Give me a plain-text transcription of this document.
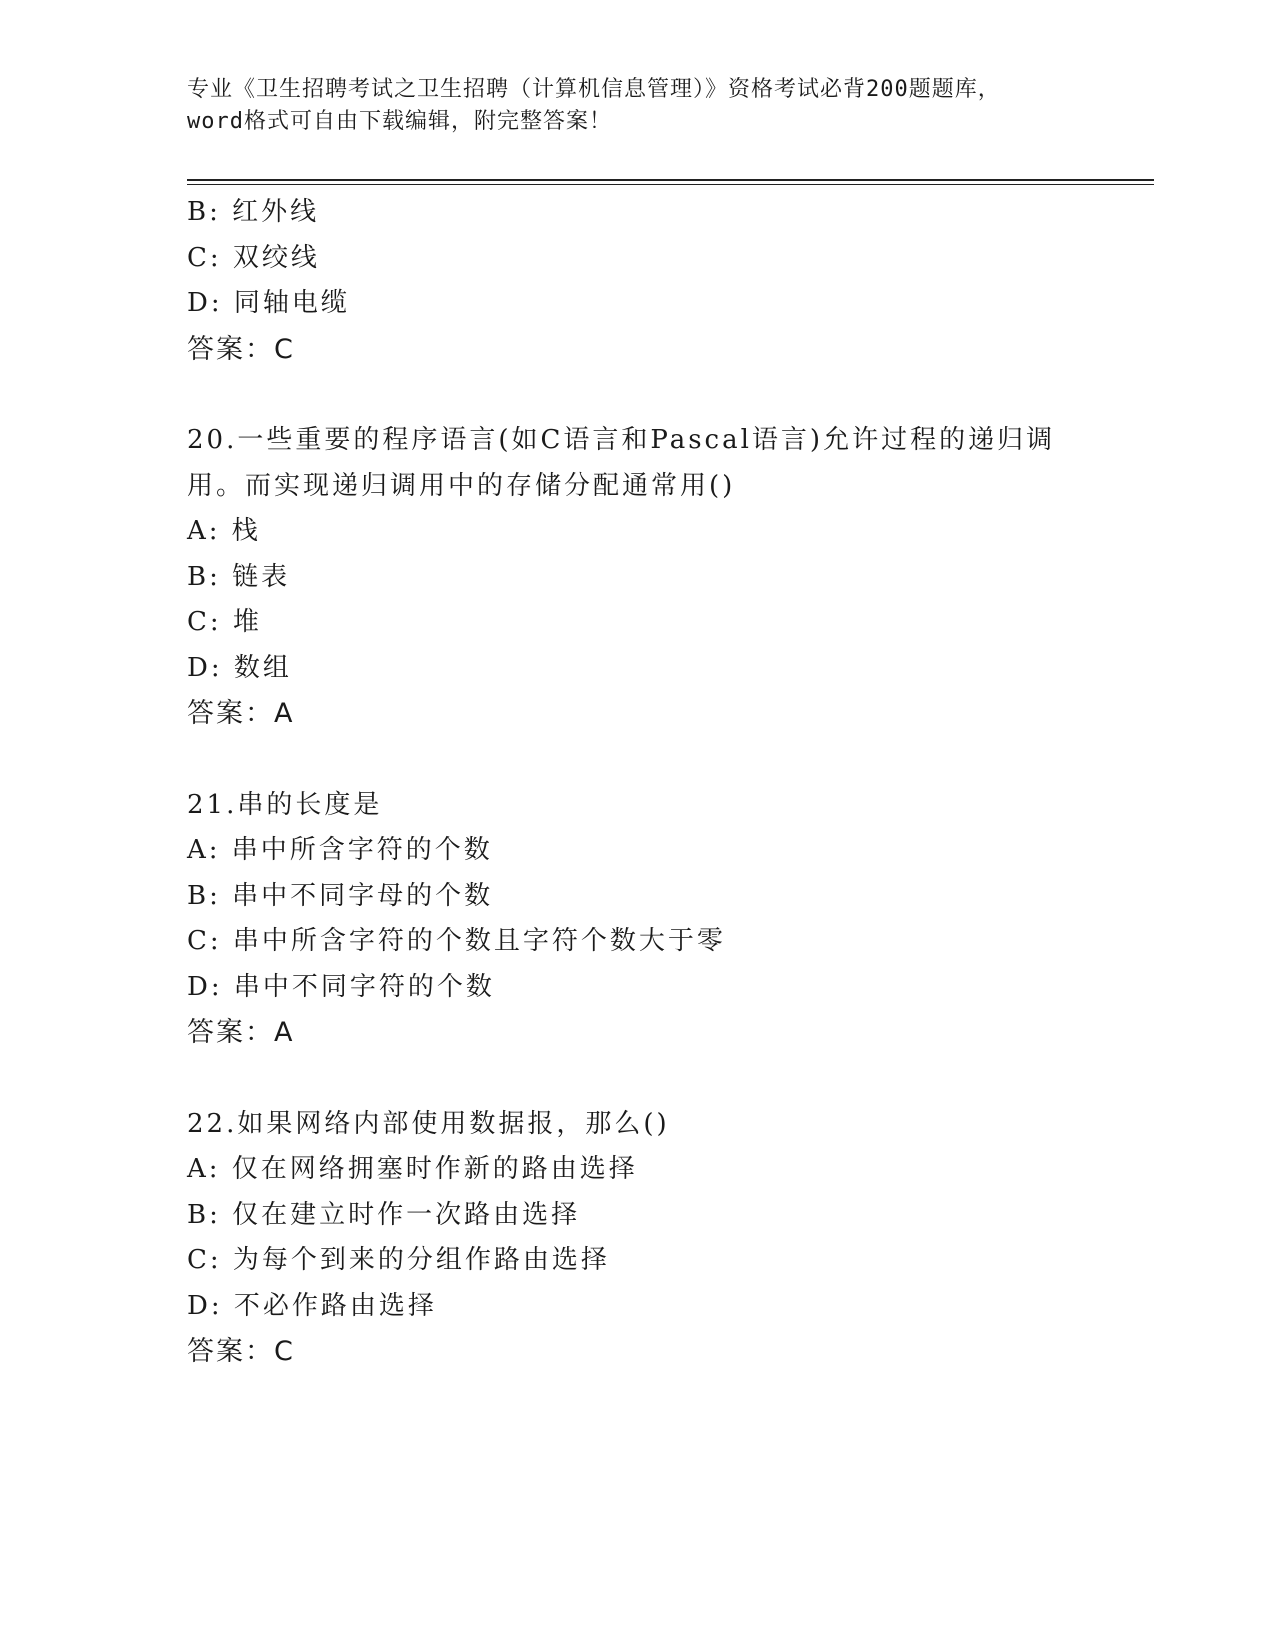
专业《卫生招聘考试之卫生招聘（计算机信息管理）》资格考试必背200题题库，
word格式可自由下载编辑，附完整答案！
B: 红外线
C: 双绞线
D: 同轴电缆
答案：C
20.一些重要的程序语言(如C语言和Pascal语言)允许过程的递归调
用。而实现递归调用中的存储分配通常用()
A: 栈
B: 链表
C: 堆
D: 数组
答案：A
21.串的长度是
A: 串中所含字符的个数
B: 串中不同字母的个数
C: 串中所含字符的个数且字符个数大于零
D: 串中不同字符的个数
答案：A
22.如果网络内部使用数据报，那么()
A: 仅在网络拥塞时作新的路由选择
B: 仅在建立时作一次路由选择
C: 为每个到来的分组作路由选择
D: 不必作路由选择
答案：C
